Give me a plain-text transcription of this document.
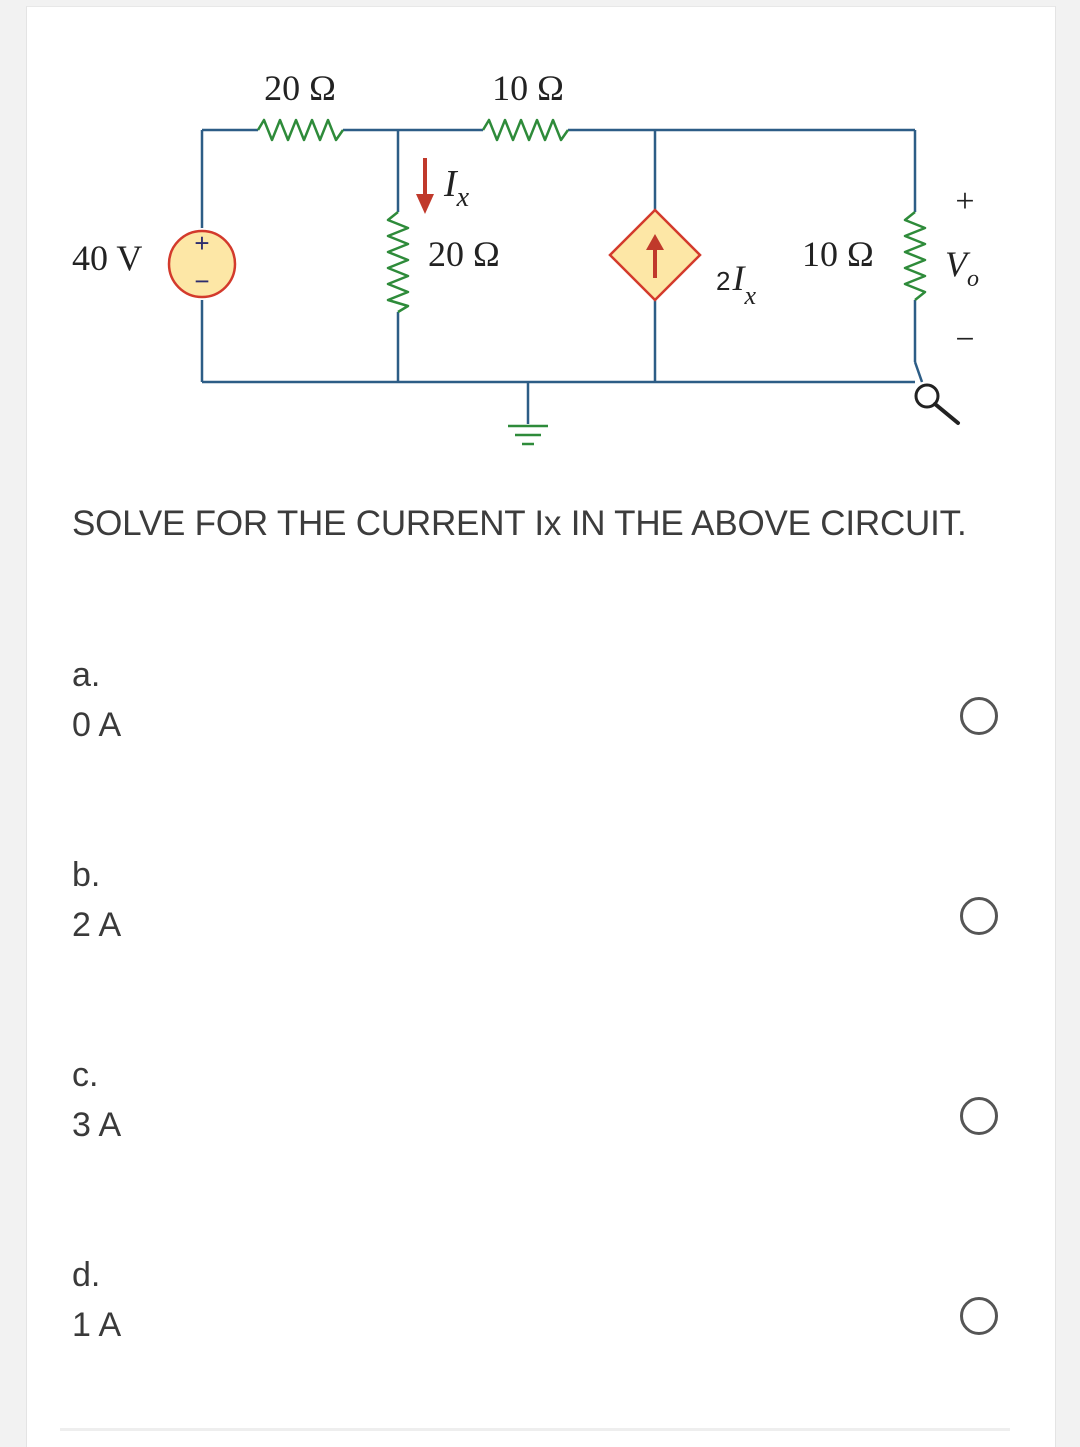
+
−
20 Ω	10 Ω
40 V	20 Ω	10 Ω
$I_x$
2Ix
+
$V_o$
−
SOLVE FOR THE CURRENT Ix IN THE ABOVE CIRCUIT.
a.
0 A
b.
2 A
c.
3 A
d.
1 A
